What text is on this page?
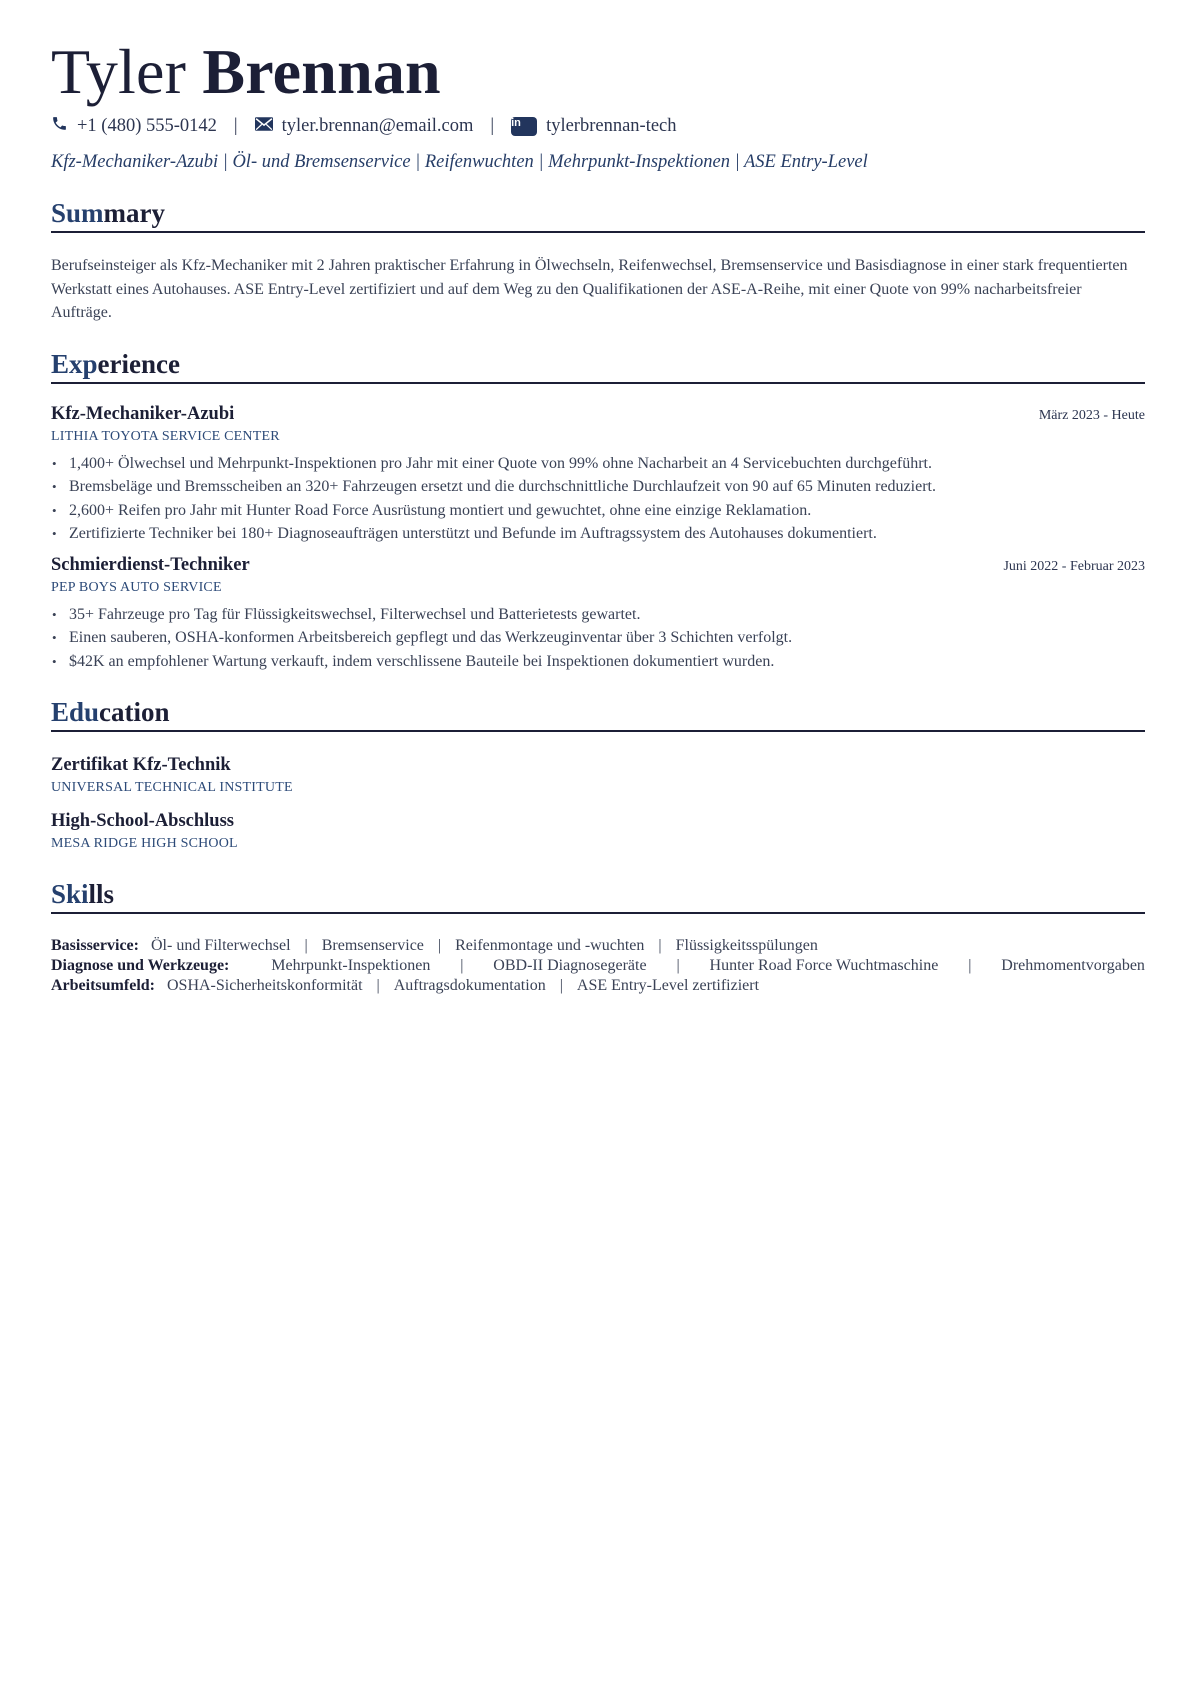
Tyler Brennan
+1 (480) 555-0142 | tyler.brennan@email.com | in	tylerbrennan-tech
Kfz-Mechaniker-Azubi | Öl- und Bremsenservice | Reifenwuchten | Mehrpunkt-Inspektionen | ASE Entry-Level
Summary
Berufseinsteiger als Kfz-Mechaniker mit 2 Jahren praktischer Erfahrung in Ölwechseln, Reifenwechsel, Bremsenservice und Basisdiagnose in einer stark frequentierten Werkstatt eines Autohauses. ASE Entry-Level zertifiziert und auf dem Weg zu den Qualifikationen der ASE-A-Reihe, mit einer Quote von 99% nacharbeitsfreier Aufträge.
Experience
Kfz-Mechaniker-Azubi	März 2023 - Heute
LITHIA TOYOTA SERVICE CENTER
• 1,400+ Ölwechsel und Mehrpunkt-Inspektionen pro Jahr mit einer Quote von 99% ohne Nacharbeit an 4 Servicebuchten durchgeführt.
• Bremsbeläge und Bremsscheiben an 320+ Fahrzeugen ersetzt und die durchschnittliche Durchlaufzeit von 90 auf 65 Minuten reduziert.
• 2,600+ Reifen pro Jahr mit Hunter Road Force Ausrüstung montiert und gewuchtet, ohne eine einzige Reklamation.
• Zertifizierte Techniker bei 180+ Diagnoseaufträgen unterstützt und Befunde im Auftragssystem des Autohauses dokumentiert.
Schmierdienst-Techniker	Juni 2022 - Februar 2023
PEP BOYS AUTO SERVICE
• 35+ Fahrzeuge pro Tag für Flüssigkeitswechsel, Filterwechsel und Batterietests gewartet.
• Einen sauberen, OSHA-konformen Arbeitsbereich gepflegt und das Werkzeuginventar über 3 Schichten verfolgt.
• $42K an empfohlener Wartung verkauft, indem verschlissene Bauteile bei Inspektionen dokumentiert wurden.
Education
Zertifikat Kfz-Technik
UNIVERSAL TECHNICAL INSTITUTE
High-School-Abschluss
MESA RIDGE HIGH SCHOOL
Skills
Basisservice: Öl- und Filterwechsel | Bremsenservice | Reifenmontage und -wuchten | Flüssigkeitsspülungen
Diagnose und Werkzeuge:	Mehrpunkt-Inspektionen | OBD-II Diagnosegeräte | Hunter Road Force Wuchtmaschine | Drehmomentvorgaben
Arbeitsumfeld: OSHA-Sicherheitskonformität | Auftragsdokumentation | ASE Entry-Level zertifiziert
